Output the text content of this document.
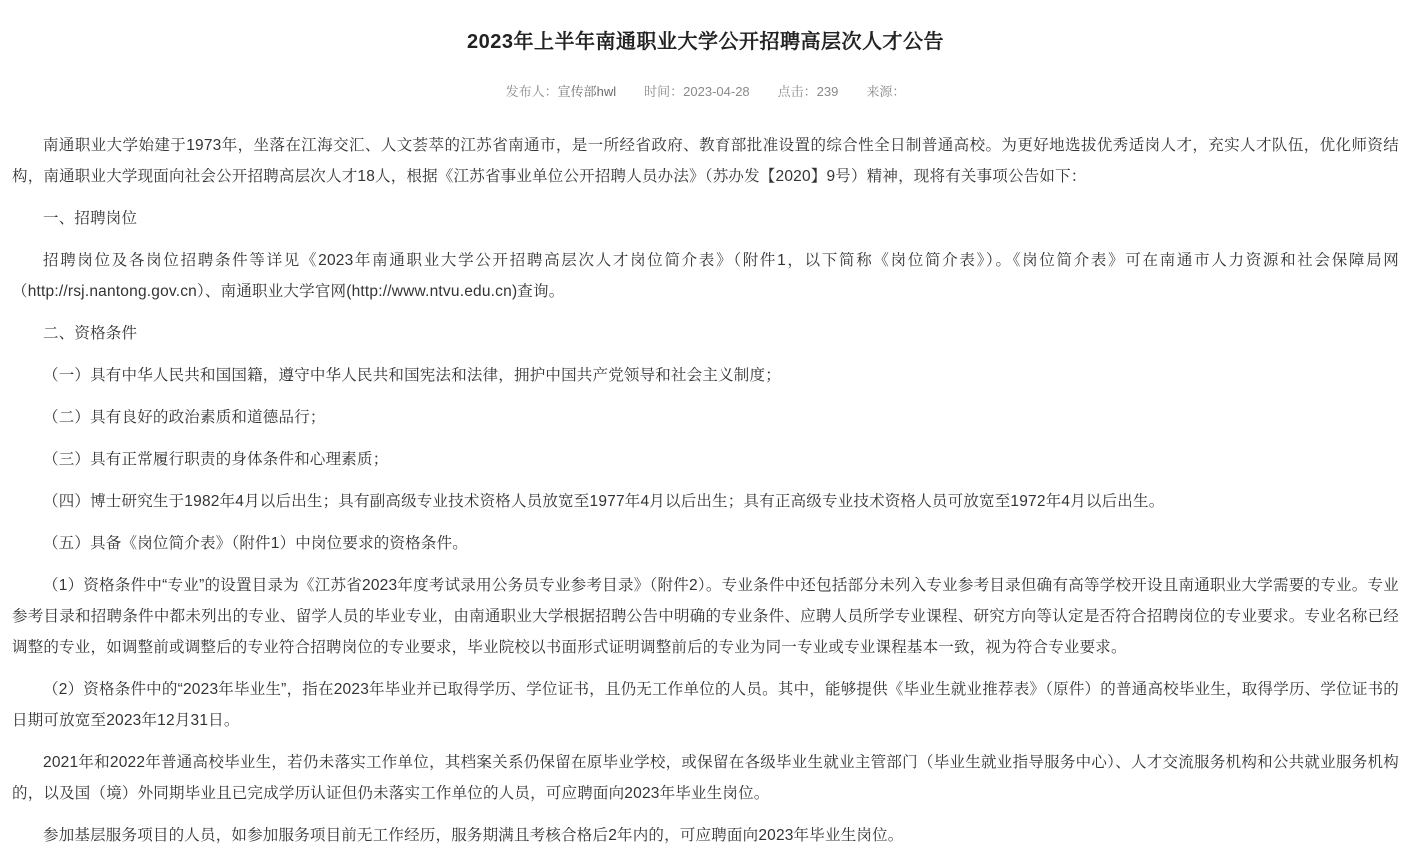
2023年上半年南通职业大学公开招聘高层次人才公告
发布人：宣传部hwl 时间：2023-04-28 点击：239 来源：

南通职业大学始建于1973年，坐落在江海交汇、人文荟萃的江苏省南通市，是一所经省政府、教育部批准设置的综合性全日制普通高校。为更好地选拔优秀适岗人才，充实人才队伍，优化师资结构，南通职业大学现面向社会公开招聘高层次人才18人，根据《江苏省事业单位公开招聘人员办法》（苏办发【2020】9号）精神，现将有关事项公告如下：

一、招聘岗位

招聘岗位及各岗位招聘条件等详见《2023年南通职业大学公开招聘高层次人才岗位简介表》（附件1，以下简称《岗位简介表》）。《岗位简介表》可在南通市人力资源和社会保障局网（http://rsj.nantong.gov.cn）、南通职业大学官网(http://www.ntvu.edu.cn)查询。

二、资格条件

（一）具有中华人民共和国国籍，遵守中华人民共和国宪法和法律，拥护中国共产党领导和社会主义制度；

（二）具有良好的政治素质和道德品行；

（三）具有正常履行职责的身体条件和心理素质；

（四）博士研究生于1982年4月以后出生；具有副高级专业技术资格人员放宽至1977年4月以后出生；具有正高级专业技术资格人员可放宽至1972年4月以后出生。

（五）具备《岗位简介表》（附件1）中岗位要求的资格条件。

（1）资格条件中“专业”的设置目录为《江苏省2023年度考试录用公务员专业参考目录》（附件2）。专业条件中还包括部分未列入专业参考目录但确有高等学校开设且南通职业大学需要的专业。专业参考目录和招聘条件中都未列出的专业、留学人员的毕业专业，由南通职业大学根据招聘公告中明确的专业条件、应聘人员所学专业课程、研究方向等认定是否符合招聘岗位的专业要求。专业名称已经调整的专业，如调整前或调整后的专业符合招聘岗位的专业要求，毕业院校以书面形式证明调整前后的专业为同一专业或专业课程基本一致，视为符合专业要求。

（2）资格条件中的“2023年毕业生”，指在2023年毕业并已取得学历、学位证书，且仍无工作单位的人员。其中，能够提供《毕业生就业推荐表》（原件）的普通高校毕业生，取得学历、学位证书的日期可放宽至2023年12月31日。

2021年和2022年普通高校毕业生，若仍未落实工作单位，其档案关系仍保留在原毕业学校，或保留在各级毕业生就业主管部门（毕业生就业指导服务中心）、人才交流服务机构和公共就业服务机构的，以及国（境）外同期毕业且已完成学历认证但仍未落实工作单位的人员，可应聘面向2023年毕业生岗位。

参加基层服务项目的人员，如参加服务项目前无工作经历，服务期满且考核合格后2年内的，可应聘面向2023年毕业生岗位。
